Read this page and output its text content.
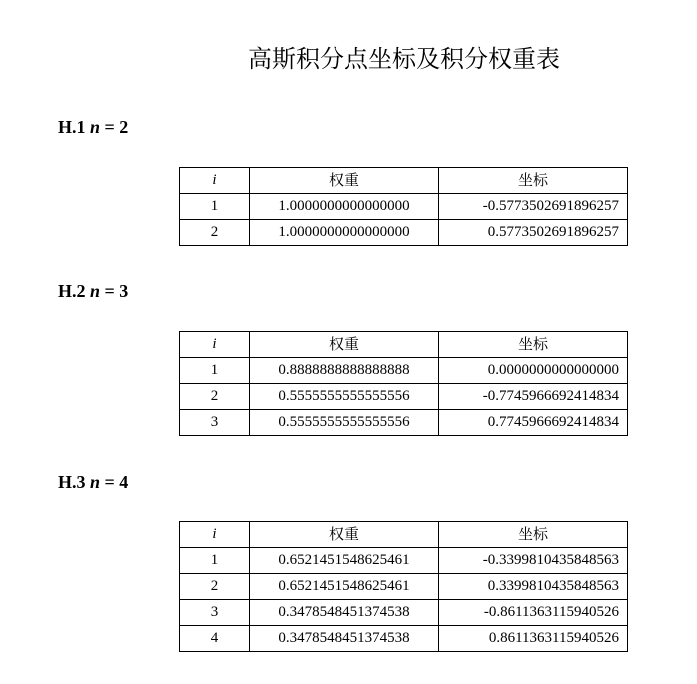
高斯积分点坐标及积分权重表
H.1 n = 2
i	权重	坐标
1	1.0000000000000000	-0.5773502691896257
2	1.0000000000000000	0.5773502691896257
H.2 n = 3
i	权重	坐标
1	0.8888888888888888	0.0000000000000000
2	0.5555555555555556	-0.7745966692414834
3	0.5555555555555556	0.7745966692414834
H.3 n = 4
i	权重	坐标
1	0.6521451548625461	-0.3399810435848563
2	0.6521451548625461	0.3399810435848563
3	0.3478548451374538	-0.8611363115940526
4	0.3478548451374538	0.8611363115940526
